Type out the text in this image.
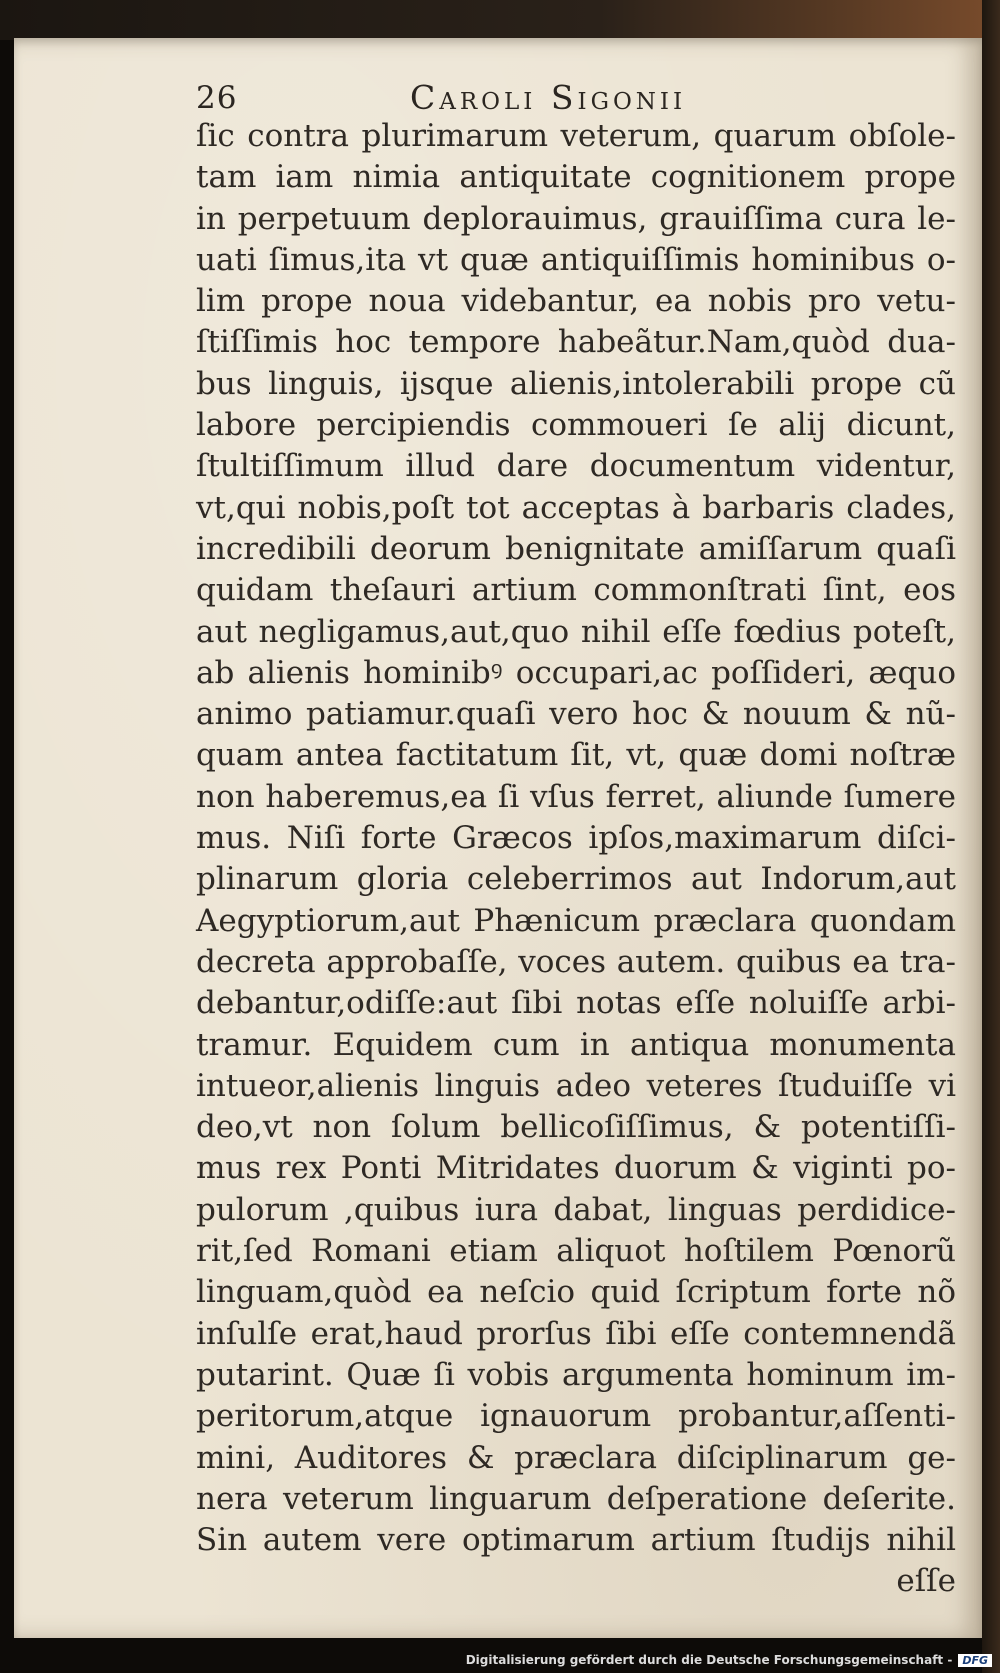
26	Caroli Sigonii
ſic contra plurimarum veterum, quarum obſole-
tam iam nimia antiquitate cognitionem prope
in perpetuum deplorauimus, grauiſſima cura le-
uati ſimus,ita vt quæ antiquiſſimis hominibus o-
lim prope noua videbantur, ea nobis pro vetu-
ſtiſſimis hoc tempore habeãtur.Nam,quòd dua-
bus linguis, ijsque alienis,intolerabili prope cũ
labore percipiendis commoueri ſe alij dicunt,
ſtultiſſimum illud dare documentum videntur,
vt,qui nobis,poſt tot acceptas à barbaris clades,
incredibili deorum benignitate amiſſarum quaſi
quidam theſauri artium commonſtrati ſint, eos
aut negligamus,aut,quo nihil eſſe fœdius poteſt,
ab alienis hominibꝰ occupari,ac poſſideri, æquo
animo patiamur.quaſi vero hoc & nouum & nũ-
quam antea factitatum ſit, vt, quæ domi noſtræ
non haberemus,ea ſi vſus ferret, aliunde ſumere
mus. Niſi forte Græcos ipſos,maximarum diſci-
plinarum gloria celeberrimos aut Indorum,aut
Aegyptiorum,aut Phænicum præclara quondam
decreta approbaſſe, voces autem. quibus ea tra-
debantur,odiſſe:aut ſibi notas eſſe noluiſſe arbi-
tramur. Equidem cum in antiqua monumenta
intueor,alienis linguis adeo veteres ſtuduiſſe vi
deo,vt non ſolum bellicoſiſſimus, & potentiſſi-
mus rex Ponti Mitridates duorum & viginti po-
pulorum ,quibus iura dabat, linguas perdidice-
rit,ſed Romani etiam aliquot hoſtilem Pœnorũ
linguam,quòd ea neſcio quid ſcriptum forte nõ
inſulſe erat,haud prorſus ſibi eſſe contemnendã
putarint. Quæ ſi vobis argumenta hominum im-
peritorum,atque ignauorum probantur,aſſenti-
mini, Auditores & præclara diſciplinarum ge-
nera veterum linguarum deſperatione deſerite.
Sin autem vere optimarum artium ſtudijs nihil
eſſe
Digitalisierung gefördert durch die Deutsche Forschungsgemeinschaft - DFG
